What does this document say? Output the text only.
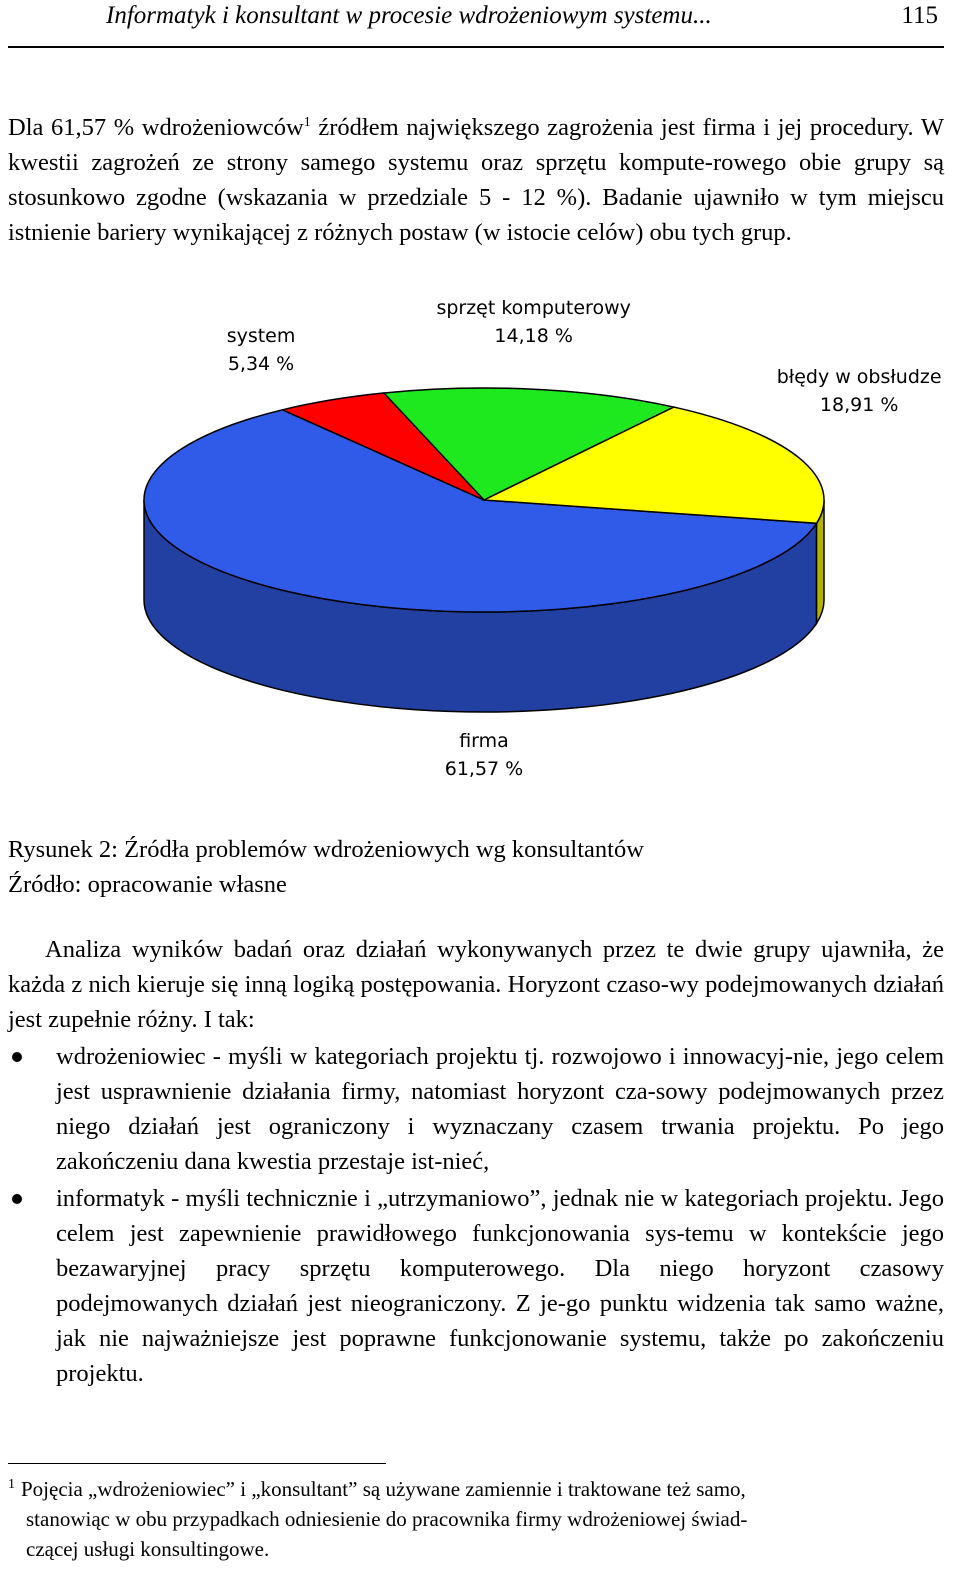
Informatyk i konsultant w procesie wdrożeniowym systemu...	115

Dla 61,57 % wdrożeniowców$^1$ źródłem największego zagrożenia jest firma i jej procedury. W kwestii zagrożeń ze strony samego systemu oraz sprzętu kompute-rowego obie grupy są stosunkowo zgodne (wskazania w przedziale 5 - 12 %). Badanie ujawniło w tym miejscu istnienie bariery wynikającej z różnych postaw (w istocie celów) obu tych grup.

firma
61,57 %
system
5,34 %
sprzęt komputerowy
14,18 %
błędy w obsłudze
18,91 %

Rysunek 2: Źródła problemów wdrożeniowych wg konsultantów

Źródło: opracowanie własne

Analiza wyników badań oraz działań wykonywanych przez te dwie grupy ujawniła, że każda z nich kieruje się inną logiką postępowania. Horyzont czaso-wy podejmowanych działań jest zupełnie różny. I tak:

wdrożeniowiec - myśli w kategoriach projektu tj. rozwojowo i innowacyj-nie, jego celem jest usprawnienie działania firmy, natomiast horyzont cza-sowy podejmowanych przez niego działań jest ograniczony i wyznaczany czasem trwania projektu. Po jego zakończeniu dana kwestia przestaje ist-nieć,
informatyk - myśli technicznie i „utrzymaniowo”, jednak nie w kategoriach projektu. Jego celem jest zapewnienie prawidłowego funkcjonowania sys-temu w kontekście jego bezawaryjnej pracy sprzętu komputerowego. Dla niego horyzont czasowy podejmowanych działań jest nieograniczony. Z je-go punktu widzenia tak samo ważne, jak nie najważniejsze jest poprawne funkcjonowanie systemu, także po zakończeniu projektu.
$^1$ Pojęcia „wdrożeniowiec” i „konsultant” są używane zamiennie i traktowane też samo,
stanowiąc w obu przypadkach odniesienie do pracownika firmy wdrożeniowej świad-
czącej usługi konsultingowe.
